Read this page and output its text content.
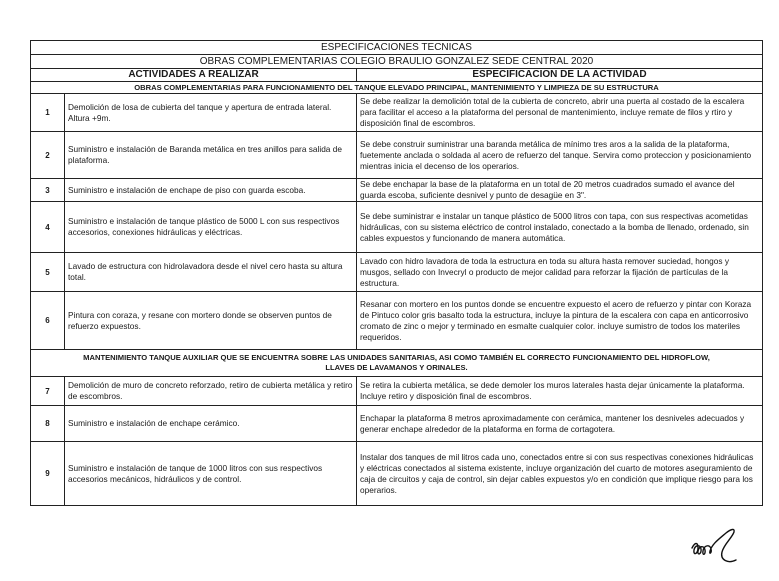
ESPECIFICACIONES TECNICAS		
OBRAS COMPLEMENTARIAS COLEGIO BRAULIO GONZALEZ SEDE CENTRAL 2020		
ACTIVIDADES A REALIZAR		ESPECIFICACION DE LA ACTIVIDAD
OBRAS COMPLEMENTARIAS PARA FUNCIONAMIENTO DEL TANQUE ELEVADO PRINCIPAL, MANTENIMIENTO Y LIMPIEZA DE SU ESTRUCTURA		
1	Demolición de losa de cubierta del tanque y apertura de entrada lateral. Altura +9m.	Se debe realizar la demolición total de la cubierta de concreto, abrir una puerta al costado de la escalera para facilitar el acceso a la plataforma del personal de mantenimiento, incluye remate de filos y rtiro y disposición final de escombros.
2	Suministro e instalación de Baranda metálica en tres anillos para salida de plataforma.	Se debe construir suministrar una baranda metálica de mínimo tres aros a la salida de la plataforma, fuetemente anclada o soldada al acero de refuerzo del tanque. Servira como proteccion y posicionamiento mientras inicia el decenso de los operarios.
3	Suministro e instalación de enchape de piso con guarda escoba.	Se debe enchapar la base de la plataforma en un total de 20 metros cuadrados sumado el avance del guarda escoba, suficiente desnivel y punto de desagüe en 3".
4	Suministro e instalación de tanque plástico de 5000 L con sus respectivos accesorios, conexiones hidráulicas y eléctricas.	Se debe suministrar e instalar un tanque plástico de 5000 litros con tapa, con sus respectivas acometidas hidráulicas, con su sistema eléctrico de control instalado, conectado a la bomba de llenado, ordenado, sin cables expuestos y funcionando de manera automática.
5	Lavado de estructura con hidrolavadora desde el nivel cero hasta su altura total.	Lavado con hidro lavadora de toda la estructura en toda su altura hasta remover suciedad, hongos y musgos, sellado con Invecryl o producto de mejor calidad para reforzar la fijación de partículas de la estructura.
6	Pintura con coraza, y resane con mortero donde se observen puntos de refuerzo expuestos.	Resanar con mortero en los puntos donde se encuentre expuesto el acero de refuerzo y pintar con Koraza de Pintuco color gris basalto toda la estructura, incluye la pintura de la escalera con capa en anticorrosivo cromato de zinc o mejor y terminado en esmalte cualquier color. incluye sumistro de todos los materiles requeridos.
MANTENIMIENTO TANQUE AUXILIAR QUE SE ENCUENTRA SOBRE LAS UNIDADES SANITARIAS, ASI COMO TAMBIÉN EL CORRECTO FUNCIONAMIENTO DEL HIDROFLOW, LLAVES DE LAVAMANOS Y ORINALES.		
7	Demolición de muro de concreto reforzado, retiro de cubierta metálica y retiro de escombros.	Se retira la cubierta metálica, se dede demoler los muros laterales hasta dejar únicamente la plataforma. Incluye retiro y disposición final de escombros.
8	Suministro e instalación de enchape cerámico.	Enchapar la plataforma 8 metros aproximadamente con cerámica, mantener los desniveles adecuados y generar enchape alrededor de la plataforma en forma de cortagotera.
9	Suministro e instalación de tanque de 1000 litros con sus respectivos accesorios mecánicos, hidráulicos y de control.	Instalar dos tanques de mil litros cada uno, conectados entre si con sus respectivas conexiones hidráulicas y eléctricas conectados al sistema existente, incluye organización del cuarto de motores aseguramiento de caja de circuitos y caja de control, sin dejar cables expuestos y/o en condición que implique riesgo para los operarios.
